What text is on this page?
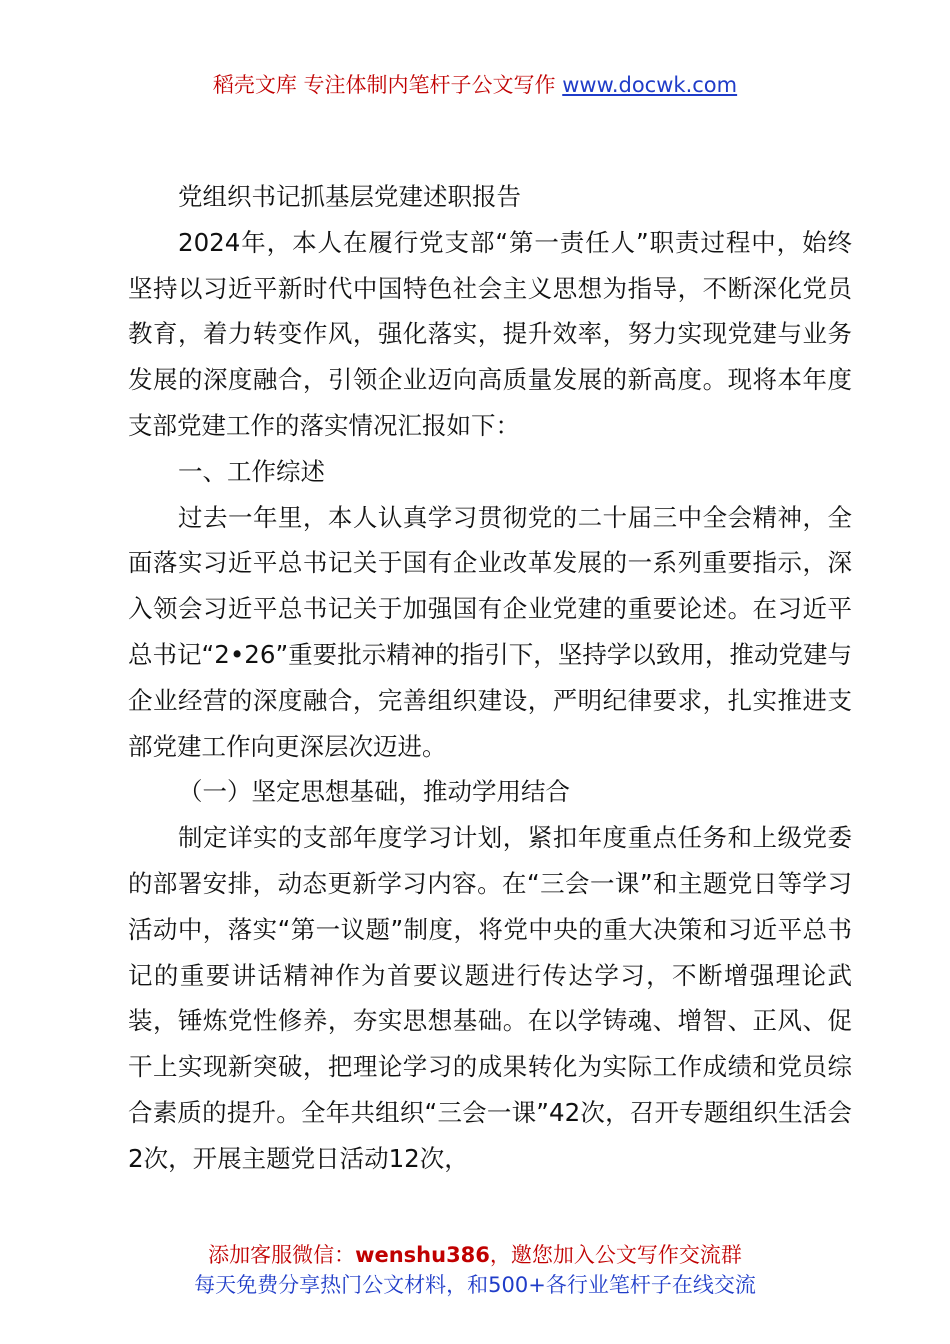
稻壳文库 专注体制内笔杆子公文写作 www.docwk.com

党组织书记抓基层党建述职报告

2024年，本人在履行党支部“第一责任人”职责过程中，始终坚持以习近平新时代中国特色社会主义思想为指导，不断深化党员教育，着力转变作风，强化落实，提升效率，努力实现党建与业务发展的深度融合，引领企业迈向高质量发展的新高度。现将本年度支部党建工作的落实情况汇报如下：

一、工作综述

过去一年里，本人认真学习贯彻党的二十届三中全会精神，全面落实习近平总书记关于国有企业改革发展的一系列重要指示，深入领会习近平总书记关于加强国有企业党建的重要论述。在习近平总书记“2•26”重要批示精神的指引下，坚持学以致用，推动党建与企业经营的深度融合，完善组织建设，严明纪律要求，扎实推进支部党建工作向更深层次迈进。

（一）坚定思想基础，推动学用结合

制定详实的支部年度学习计划，紧扣年度重点任务和上级党委的部署安排，动态更新学习内容。在“三会一课”和主题党日等学习活动中，落实“第一议题”制度，将党中央的重大决策和习近平总书记的重要讲话精神作为首要议题进行传达学习，不断增强理论武装，锤炼党性修养，夯实思想基础。在以学铸魂、增智、正风、促干上实现新突破，把理论学习的成果转化为实际工作成绩和党员综合素质的提升。全年共组织“三会一课”42次，召开专题组织生活会2次，开展主题党日活动12次，

添加客服微信：wenshu386，邀您加入公文写作交流群
每天免费分享热门公文材料，和500+各行业笔杆子在线交流
